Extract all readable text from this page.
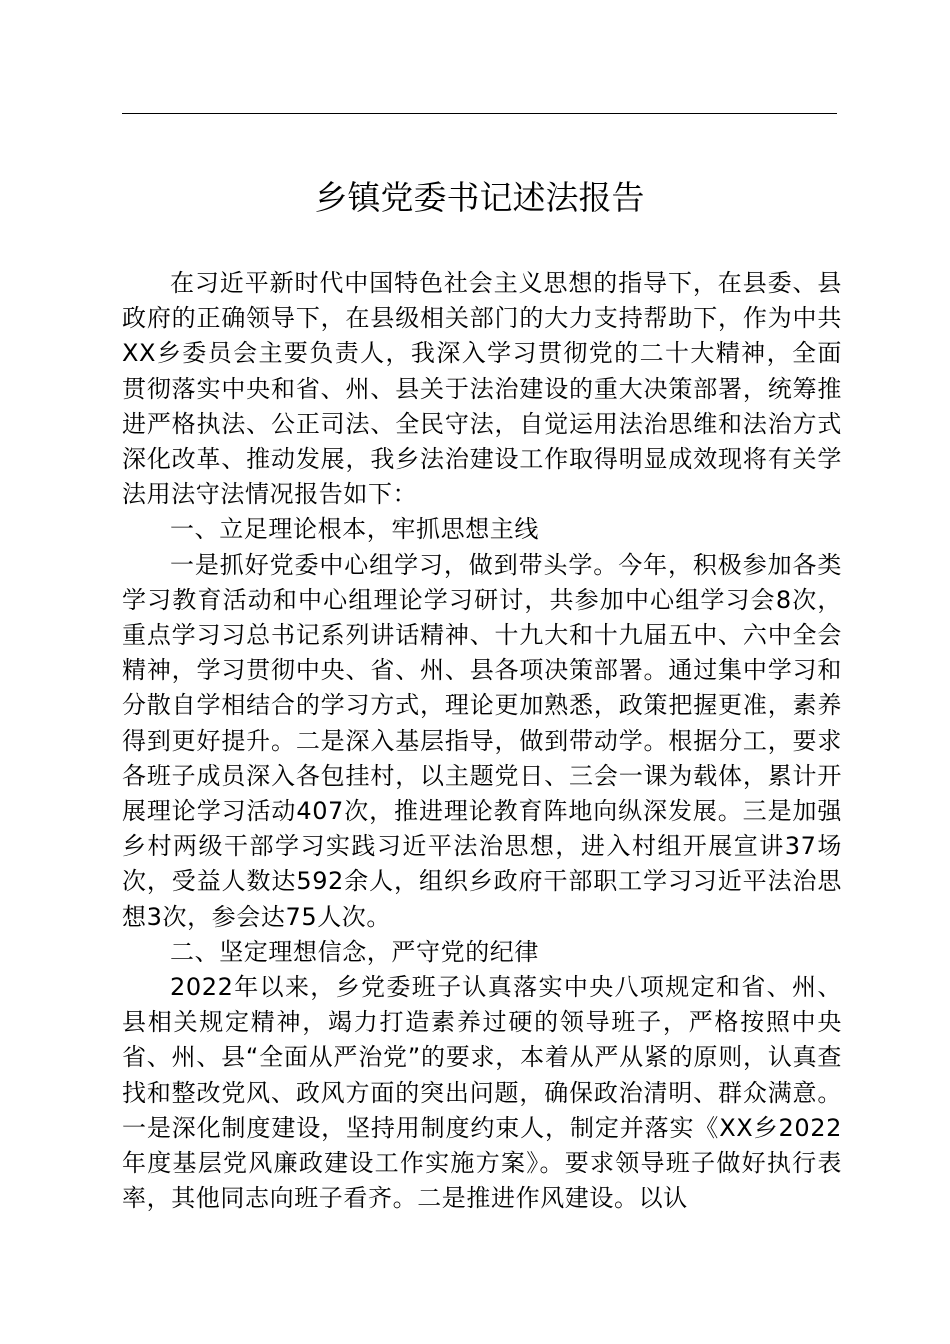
乡镇党委书记述法报告

在习近平新时代中国特色社会主义思想的指导下，在县委、县政府的正确领导下，在县级相关部门的大力支持帮助下，作为中共XX乡委员会主要负责人，我深入学习贯彻党的二十大精神，全面贯彻落实中央和省、州、县关于法治建设的重大决策部署，统筹推进严格执法、公正司法、全民守法，自觉运用法治思维和法治方式深化改革、推动发展，我乡法治建设工作取得明显成效现将有关学法用法守法情况报告如下：

一、立足理论根本，牢抓思想主线

一是抓好党委中心组学习，做到带头学。今年，积极参加各类学习教育活动和中心组理论学习研讨，共参加中心组学习会8次，重点学习习总书记系列讲话精神、十九大和十九届五中、六中全会精神，学习贯彻中央、省、州、县各项决策部署。通过集中学习和分散自学相结合的学习方式，理论更加熟悉，政策把握更准，素养得到更好提升。二是深入基层指导，做到带动学。根据分工，要求各班子成员深入各包挂村，以主题党日、三会一课为载体，累计开展理论学习活动407次，推进理论教育阵地向纵深发展。三是加强乡村两级干部学习实践习近平法治思想，进入村组开展宣讲37场次，受益人数达592余人，组织乡政府干部职工学习习近平法治思想3次，参会达75人次。

二、坚定理想信念，严守党的纪律

2022年以来，乡党委班子认真落实中央八项规定和省、州、县相关规定精神，竭力打造素养过硬的领导班子，严格按照中央省、州、县“全面从严治党”的要求，本着从严从紧的原则，认真查找和整改党风、政风方面的突出问题，确保政治清明、群众满意。一是深化制度建设，坚持用制度约束人，制定并落实《XX乡2022年度基层党风廉政建设工作实施方案》。要求领导班子做好执行表率，其他同志向班子看齐。二是推进作风建设。以认
